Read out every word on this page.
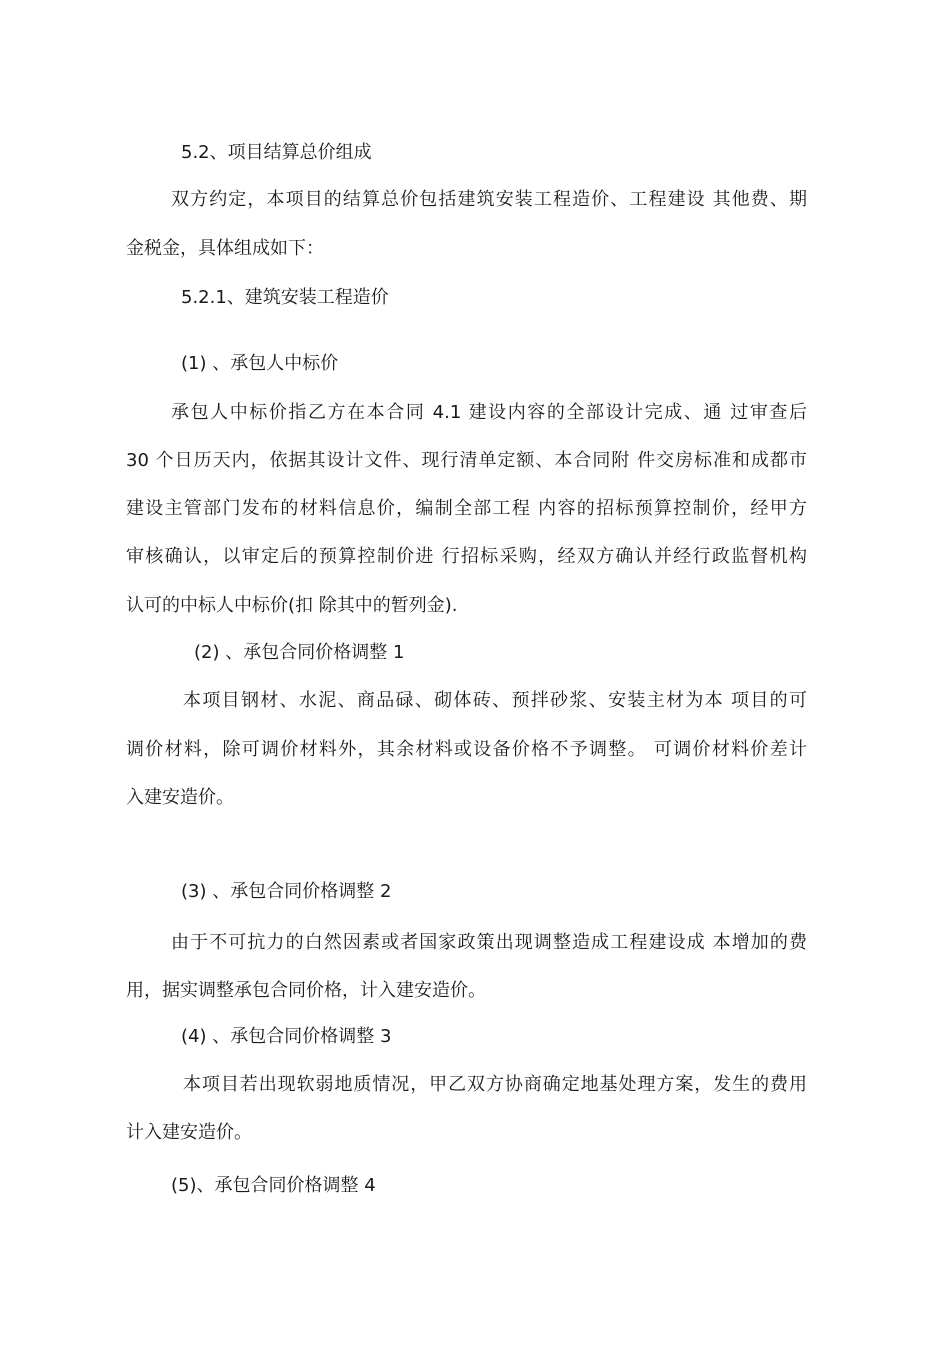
5.2、项目结算总价组成
双方约定，本项目的结算总价包括建筑安装工程造价、工程建设 其他费、期
金税金，具体组成如下：
5.2.1、建筑安装工程造价
(1) 、承包人中标价
承包人中标价指乙方在本合同 4.1 建设内容的全部设计完成、通 过审查后
30 个日历天内，依据其设计文件、现行清单定额、本合同附 件交房标准和成都市
建设主管部门发布的材料信息价，编制全部工程 内容的招标预算控制价，经甲方
审核确认，以审定后的预算控制价进 行招标采购，经双方确认并经行政监督机构
认可的中标人中标价(扣 除其中的暂列金).
(2) 、承包合同价格调整 1
本项目钢材、水泥、商品碌、砌体砖、预拌砂浆、安装主材为本 项目的可
调价材料，除可调价材料外，其余材料或设备价格不予调整。 可调价材料价差计
入建安造价。
(3) 、承包合同价格调整 2
由于不可抗力的白然因素或者国家政策出现调整造成工程建设成 本增加的费
用，据实调整承包合同价格，计入建安造价。
(4) 、承包合同价格调整 3
本项目若出现软弱地质情况，甲乙双方协商确定地基处理方案，发生的费用
计入建安造价。
(5)、承包合同价格调整 4
